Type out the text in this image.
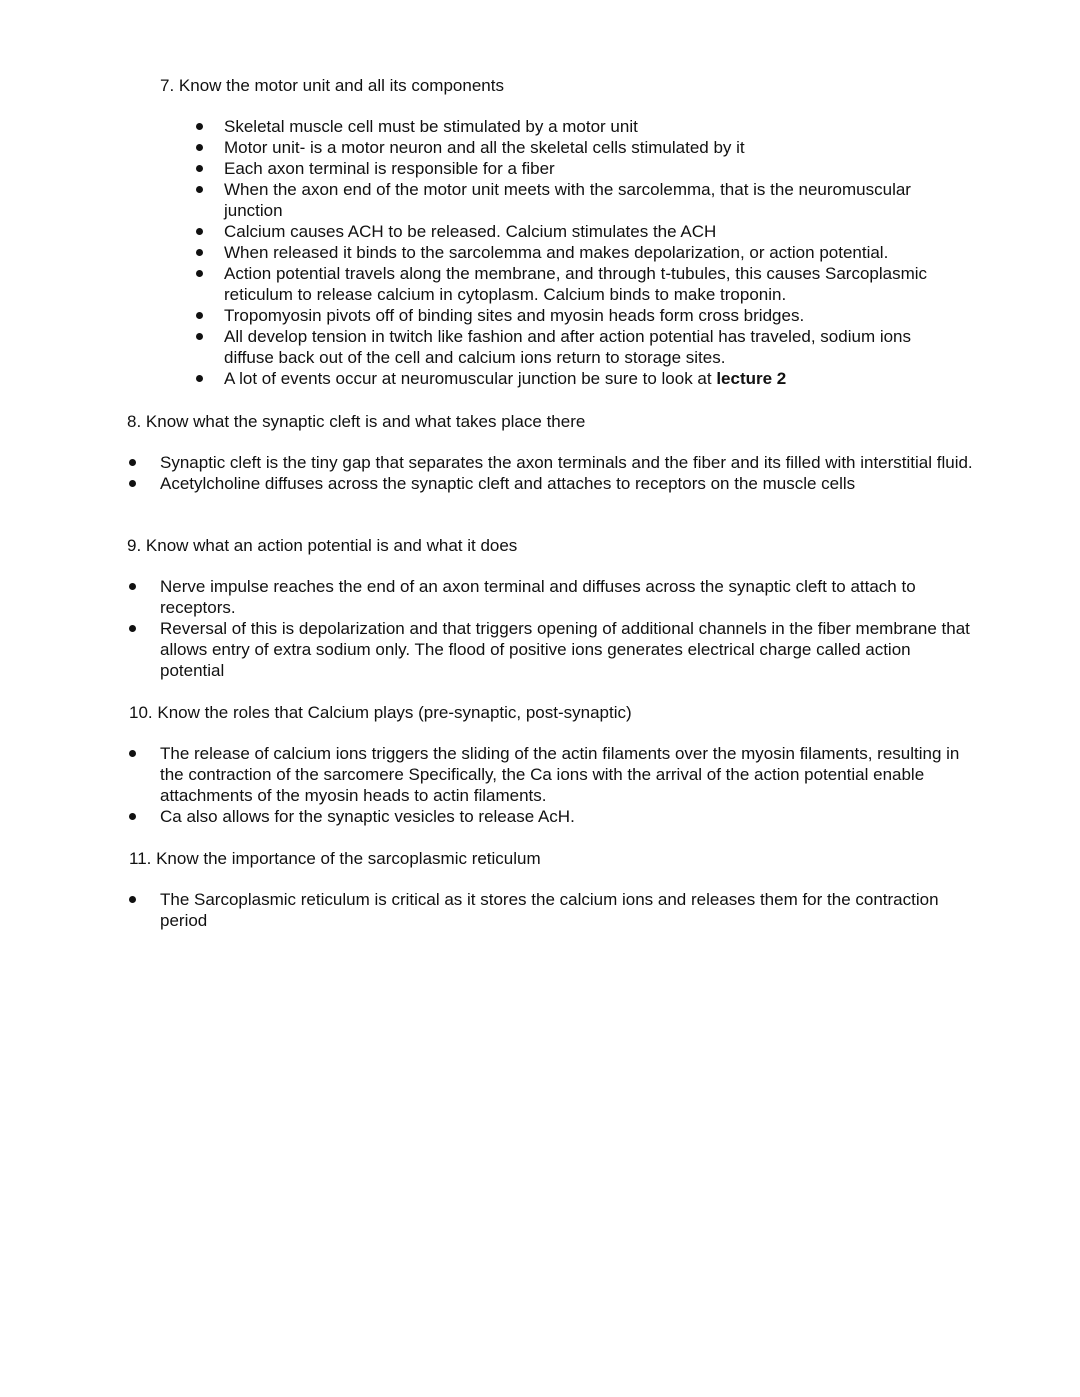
7. Know the motor unit and all its components

Skeletal muscle cell must be stimulated by a motor unit
Motor unit- is a motor neuron and all the skeletal cells stimulated by it
Each axon terminal is responsible for a fiber
When the axon end of the motor unit meets with the sarcolemma, that is the neuromuscular junction
Calcium causes ACH to be released. Calcium stimulates the ACH
When released it binds to the sarcolemma and makes depolarization, or action potential.
Action potential travels along the membrane, and through t-tubules, this causes Sarcoplasmic reticulum to release calcium in cytoplasm. Calcium binds to make troponin.
Tropomyosin pivots off of binding sites and myosin heads form cross bridges.
All develop tension in twitch like fashion and after action potential has traveled, sodium ions diffuse back out of the cell and calcium ions return to storage sites.
A lot of events occur at neuromuscular junction be sure to look at lecture 2

8. Know what the synaptic cleft is and what takes place there

Synaptic cleft is the tiny gap that separates the axon terminals and the fiber and its filled with interstitial fluid.
Acetylcholine diffuses across the synaptic cleft and attaches to receptors on the muscle cells

9. Know what an action potential is and what it does

Nerve impulse reaches the end of an axon terminal and diffuses across the synaptic cleft to attach to receptors.
Reversal of this is depolarization and that triggers opening of additional channels in the fiber membrane that allows entry of extra sodium only. The flood of positive ions generates electrical charge called action potential

10. Know the roles that Calcium plays (pre-synaptic, post-synaptic)

The release of calcium ions triggers the sliding of the actin filaments over the myosin filaments, resulting in the contraction of the sarcomere Specifically, the Ca ions with the arrival of the action potential enable attachments of the myosin heads to actin filaments.
Ca also allows for the synaptic vesicles to release AcH.

11. Know the importance of the sarcoplasmic reticulum

The Sarcoplasmic reticulum is critical as it stores the calcium ions and releases them for the contraction period
